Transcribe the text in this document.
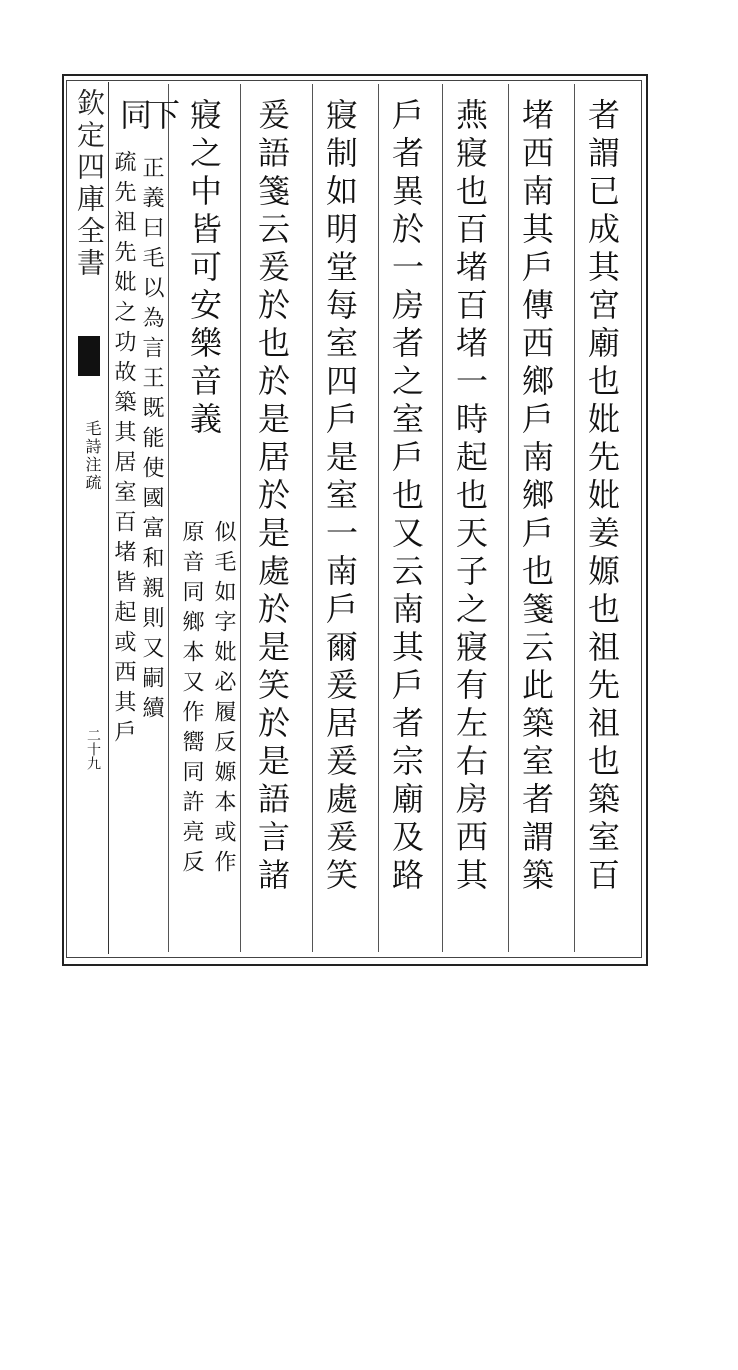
欽定四庫全書
毛詩注疏
二十九	者謂已成其宮廟也妣先妣姜嫄也祖先祖也築室百
堵西南其戶傳西鄉戶南鄉戶也箋云此築室者謂築
燕寢也百堵百堵一時起也天子之寢有左右房西其
戶者異於一房者之室戶也又云南其戶者宗廟及路
寢制如明堂每室四戶是室一南戶爾爰居爰處爰笑
爰語箋云爰於也於是居於是處於是笑於是語言諸
寢之中皆可安樂音義
似毛如字妣必履反嫄本或作
原音同鄉本又作嚮同許亮反
下
正義曰毛以為言王既能使國富和親則又嗣續
同
疏先祖先妣之功故築其居室百堵皆起或西其戶
